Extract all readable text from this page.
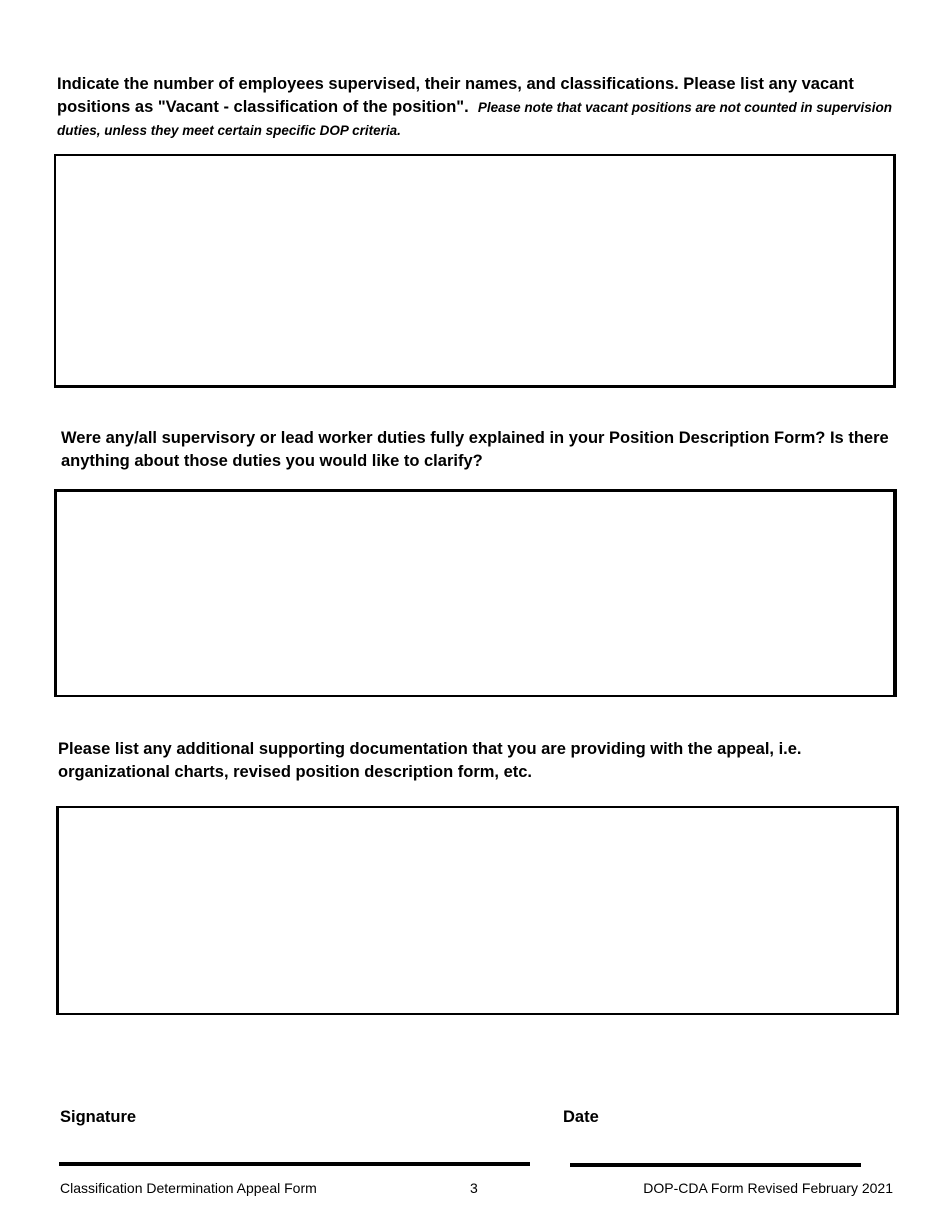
Indicate the number of employees supervised, their names, and classifications. Please list any vacant positions as "Vacant - classification of the position". Please note that vacant positions are not counted in supervision duties, unless they meet certain specific DOP criteria.

Were any/all supervisory or lead worker duties fully explained in your Position Description Form? Is there anything about those duties you would like to clarify?

Please list any additional supporting documentation that you are providing with the appeal, i.e. organizational charts, revised position description form, etc.

Signature	Date
Classification Determination Appeal Form	3	DOP-CDA Form Revised February 2021
